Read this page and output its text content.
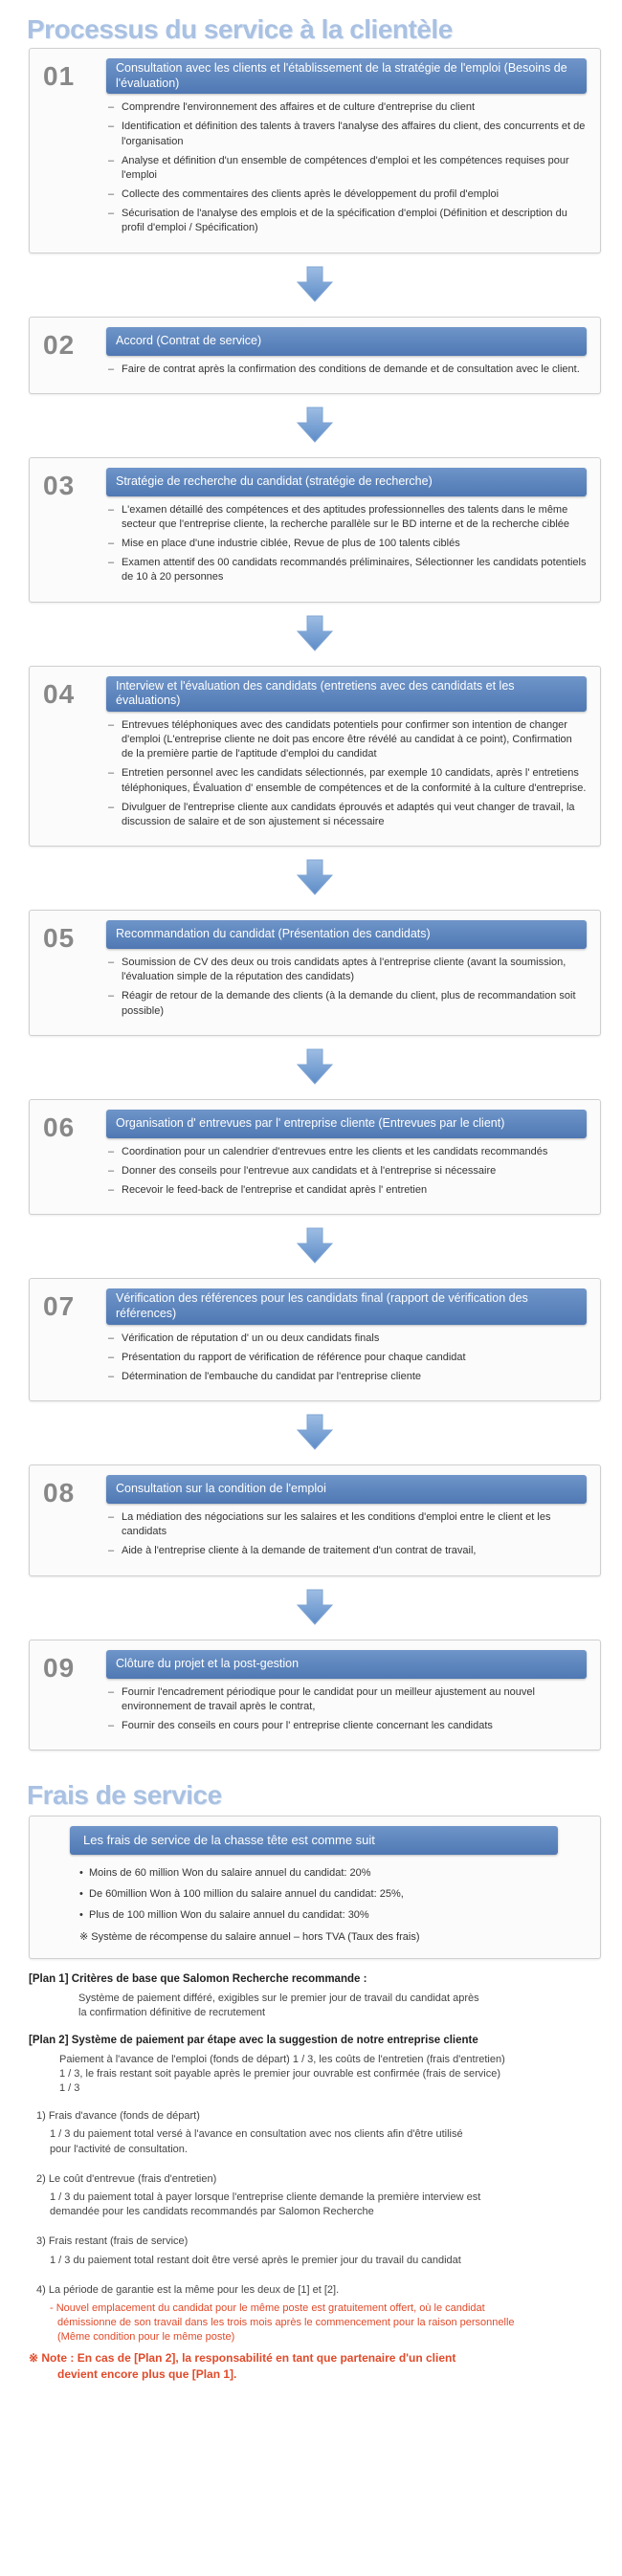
Processus du service à la clientèle
01	Consultation avec les clients et l'établissement de la stratégie de l'emploi (Besoins de l'évaluation)
– Comprendre l'environnement des affaires et de culture d'entreprise du client
– Identification et définition des talents à travers l'analyse des affaires du client, des concurrents et de l'organisation
– Analyse et définition d'un ensemble de compétences d'emploi et les compétences requises pour l'emploi
– Collecte des commentaires des clients après le développement du profil d'emploi
– Sécurisation de l'analyse des emplois et de la spécification d'emploi (Définition et description du profil d'emploi / Spécification)
02	Accord (Contrat de service)
– Faire de contrat après la confirmation des conditions de demande et de consultation avec le client.
03	Stratégie de recherche du candidat (stratégie de recherche)
– L'examen détaillé des compétences et des aptitudes professionnelles des talents dans le même secteur que l'entreprise cliente, la recherche parallèle sur le BD interne et de la recherche ciblée
– Mise en place d'une industrie ciblée, Revue de plus de 100 talents ciblés
– Examen attentif des 00 candidats recommandés préliminaires, Sélectionner les candidats potentiels de 10 à 20 personnes
04	Interview et l'évaluation des candidats (entretiens avec des candidats et les évaluations)
– Entrevues téléphoniques avec des candidats potentiels pour confirmer son intention de changer d'emploi (L'entreprise cliente ne doit pas encore être révélé au candidat à ce point), Confirmation de la première partie de l'aptitude d'emploi du candidat
– Entretien personnel avec les candidats sélectionnés, par exemple 10 candidats, après l' entretiens téléphoniques, Évaluation d' ensemble de compétences et de la conformité à la culture d'entreprise.
– Divulguer de l'entreprise cliente aux candidats éprouvés et adaptés qui veut changer de travail, la discussion de salaire et de son ajustement si nécessaire
05	Recommandation du candidat (Présentation des candidats)
– Soumission de CV des deux ou trois candidats aptes à l'entreprise cliente (avant la soumission, l'évaluation simple de la réputation des candidats)
– Réagir de retour de la demande des clients (à la demande du client, plus de recommandation soit possible)
06	Organisation d' entrevues par l' entreprise cliente (Entrevues par le client)
– Coordination pour un calendrier d'entrevues entre les clients et les candidats recommandés
– Donner des conseils pour l'entrevue aux candidats et à l'entreprise si nécessaire
– Recevoir le feed-back de l'entreprise et candidat après l' entretien
07	Vérification des références pour les candidats final (rapport de vérification des références)
– Vérification de réputation d' un ou deux candidats finals
– Présentation du rapport de vérification de référence pour chaque candidat
– Détermination de l'embauche du candidat par l'entreprise cliente
08	Consultation sur la condition de l'emploi
– La médiation des négociations sur les salaires et les conditions d'emploi entre le client et les candidats
– Aide à l'entreprise cliente à la demande de traitement d'un contrat de travail,
09	Clôture du projet et la post-gestion
– Fournir l'encadrement périodique pour le candidat pour un meilleur ajustement au nouvel environnement de travail après le contrat,
– Fournir des conseils en cours pour l' entreprise cliente concernant les candidats
Frais de service
Les frais de service de la chasse tête est comme suit
• Moins de 60 million Won du salaire annuel du candidat: 20%
• De 60million Won à 100 million du salaire annuel du candidat: 25%,
• Plus de 100 million Won du salaire annuel du candidat: 30%
※ Système de récompense du salaire annuel – hors TVA (Taux des frais)
[Plan 1] Critères de base que Salomon Recherche recommande :
Système de paiement différé, exigibles sur le premier jour de travail du candidat après
la confirmation définitive de recrutement
[Plan 2] Système de paiement par étape avec la suggestion de notre entreprise cliente
Paiement à l'avance de l'emploi (fonds de départ) 1 / 3, les coûts de l'entretien (frais d'entretien)
1 / 3, le frais restant soit payable après le premier jour ouvrable est confirmée (frais de service)
1 / 3
1) Frais d'avance (fonds de départ)
1 / 3 du paiement total versé à l'avance en consultation avec nos clients afin d'être utilisé
pour l'activité de consultation.
2) Le coût d'entrevue (frais d'entretien)
1 / 3 du paiement total à payer lorsque l'entreprise cliente demande la première interview est
demandée pour les candidats recommandés par Salomon Recherche
3) Frais restant (frais de service)
1 / 3 du paiement total restant doit être versé après le premier jour du travail du candidat
4) La période de garantie est la même pour les deux de [1] et [2].
- Nouvel emplacement du candidat pour le même poste est gratuitement offert, où le candidat
démissionne de son travail dans les trois mois après le commencement pour la raison personnelle
(Même condition pour le même poste)
※ Note : En cas de [Plan 2], la responsabilité en tant que partenaire d'un client
devient encore plus que [Plan 1].
